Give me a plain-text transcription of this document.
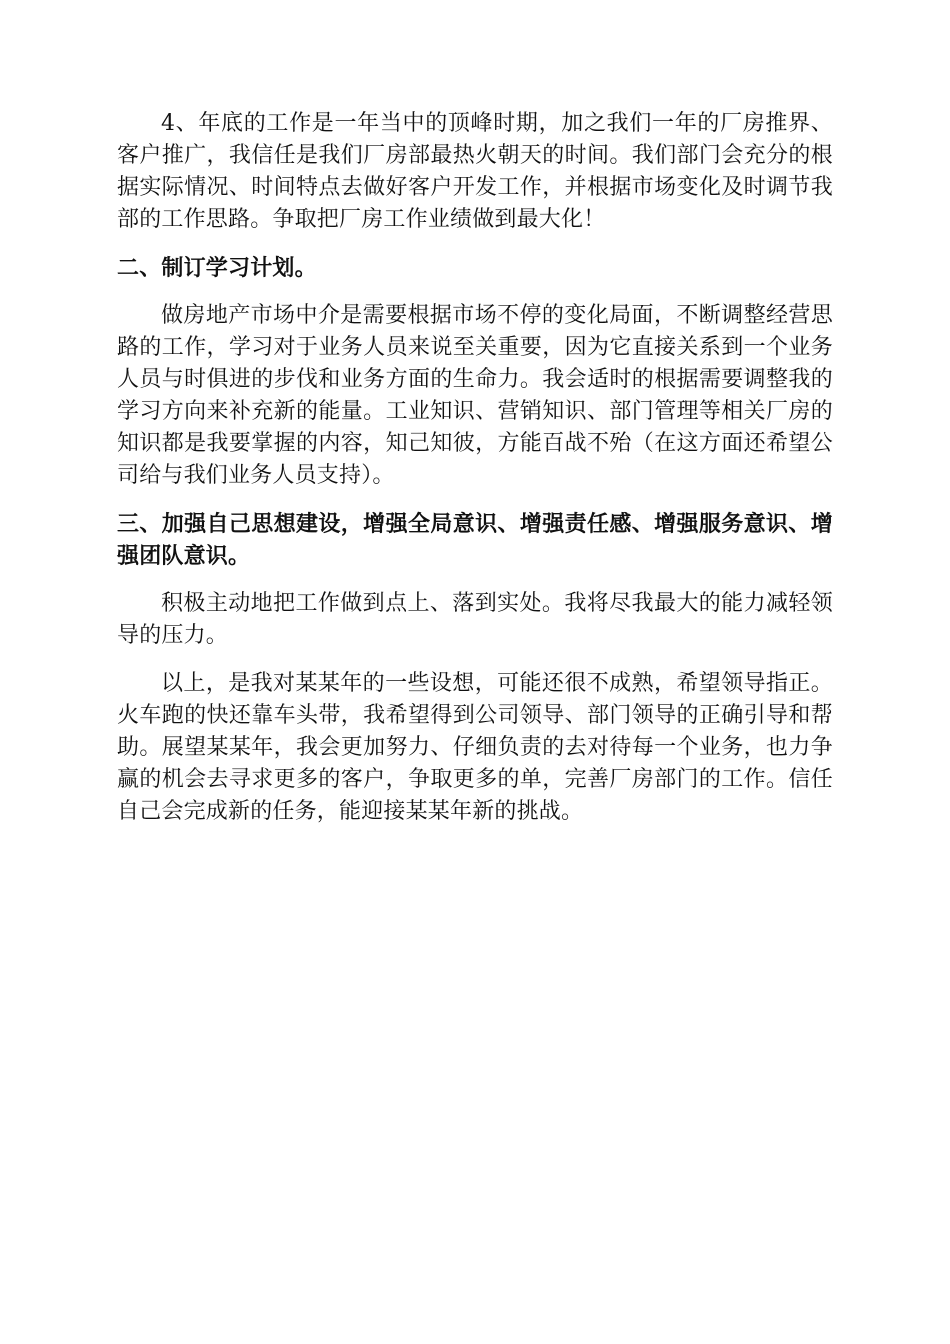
4、年底的工作是一年当中的顶峰时期，加之我们一年的厂房推界、客户推广，我信任是我们厂房部最热火朝天的时间。我们部门会充分的根据实际情况、时间特点去做好客户开发工作，并根据市场变化及时调节我部的工作思路。争取把厂房工作业绩做到最大化！

二、制订学习计划。

做房地产市场中介是需要根据市场不停的变化局面，不断调整经营思路的工作，学习对于业务人员来说至关重要，因为它直接关系到一个业务人员与时俱进的步伐和业务方面的生命力。我会适时的根据需要调整我的学习方向来补充新的能量。工业知识、营销知识、部门管理等相关厂房的知识都是我要掌握的内容，知己知彼，方能百战不殆（在这方面还希望公司给与我们业务人员支持）。

三、加强自己思想建设，增强全局意识、增强责任感、增强服务意识、增强团队意识。

积极主动地把工作做到点上、落到实处。我将尽我最大的能力减轻领导的压力。

以上，是我对某某年的一些设想，可能还很不成熟，希望领导指正。火车跑的快还靠车头带，我希望得到公司领导、部门领导的正确引导和帮助。展望某某年，我会更加努力、仔细负责的去对待每一个业务，也力争赢的机会去寻求更多的客户，争取更多的单，完善厂房部门的工作。信任自己会完成新的任务，能迎接某某年新的挑战。
